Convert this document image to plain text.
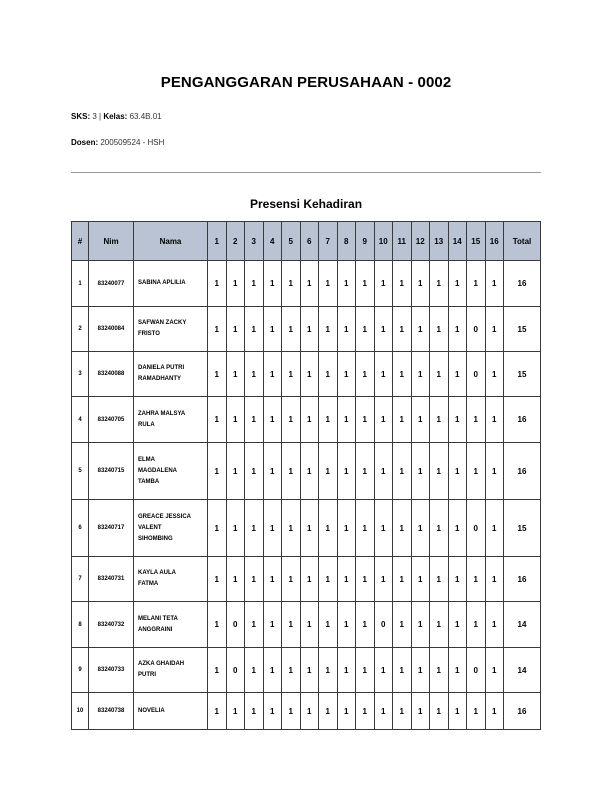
PENGANGGARAN PERUSAHAAN - 0002
SKS: 3 | Kelas: 63.4B.01
Dosen: 200509524 - HSH
Presensi Kehadiran
#	Nim	Nama	1	2	3	4	5	6	7	8	9	10	11	12	13	14	15	16	Total
1	83240077	SABINA APLILIA	1	1	1	1	1	1	1	1	1	1	1	1	1	1	1	1	16
2	83240084	SAFWAN ZACKY
FRISTO	1	1	1	1	1	1	1	1	1	1	1	1	1	1	0	1	15
3	83240088	DANIELA PUTRI
RAMADHANTY	1	1	1	1	1	1	1	1	1	1	1	1	1	1	0	1	15
4	83240705	ZAHRA MALSYA
RULA	1	1	1	1	1	1	1	1	1	1	1	1	1	1	1	1	16
5	83240715	ELMA
MAGDALENA
TAMBA	1	1	1	1	1	1	1	1	1	1	1	1	1	1	1	1	16
6	83240717	GREACE JESSICA
VALENT
SIHOMBING	1	1	1	1	1	1	1	1	1	1	1	1	1	1	0	1	15
7	83240731	KAYLA AULA
FATMA	1	1	1	1	1	1	1	1	1	1	1	1	1	1	1	1	16
8	83240732	MELANI TETA
ANGGRAINI	1	0	1	1	1	1	1	1	1	0	1	1	1	1	1	1	14
9	83240733	AZKA GHAIDAH
PUTRI	1	0	1	1	1	1	1	1	1	1	1	1	1	1	0	1	14
10	83240738	NOVELIA	1	1	1	1	1	1	1	1	1	1	1	1	1	1	1	1	16
